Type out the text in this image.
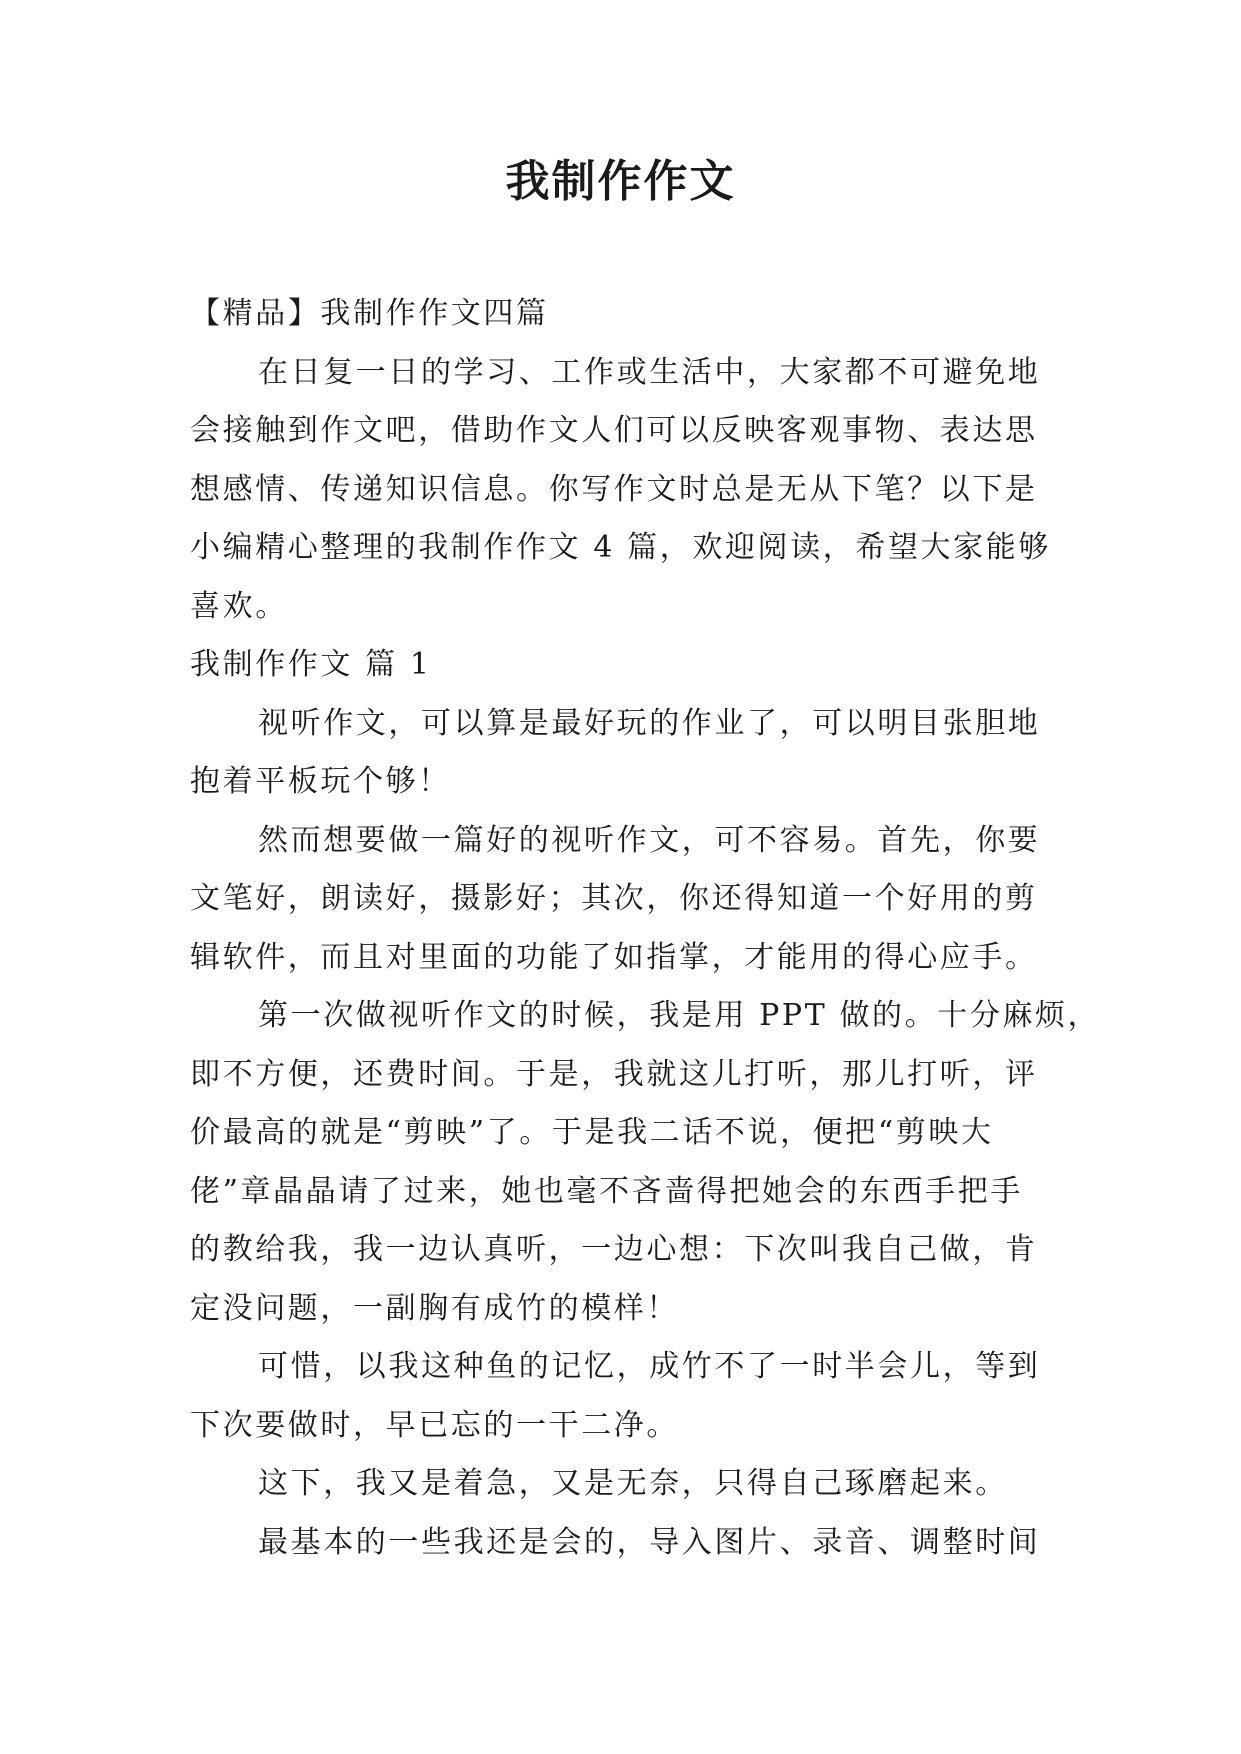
我制作作文
【精品】我制作作文四篇
在日复一日的学习、工作或生活中，大家都不可避免地
会接触到作文吧，借助作文人们可以反映客观事物、表达思
想感情、传递知识信息。你写作文时总是无从下笔？以下是
小编精心整理的我制作作文 4 篇，欢迎阅读，希望大家能够
喜欢。
我制作作文 篇 1
视听作文，可以算是最好玩的作业了，可以明目张胆地
抱着平板玩个够！
然而想要做一篇好的视听作文，可不容易。首先，你要
文笔好，朗读好，摄影好；其次，你还得知道一个好用的剪
辑软件，而且对里面的功能了如指掌，才能用的得心应手。
第一次做视听作文的时候，我是用 PPT 做的。十分麻烦，
即不方便，还费时间。于是，我就这儿打听，那儿打听，评
价最高的就是“剪映”了。于是我二话不说，便把“剪映大
佬”章晶晶请了过来，她也毫不吝啬得把她会的东西手把手
的教给我，我一边认真听，一边心想：下次叫我自己做，肯
定没问题，一副胸有成竹的模样！
可惜，以我这种鱼的记忆，成竹不了一时半会儿，等到
下次要做时，早已忘的一干二净。
这下，我又是着急，又是无奈，只得自己琢磨起来。
最基本的一些我还是会的，导入图片、录音、调整时间
